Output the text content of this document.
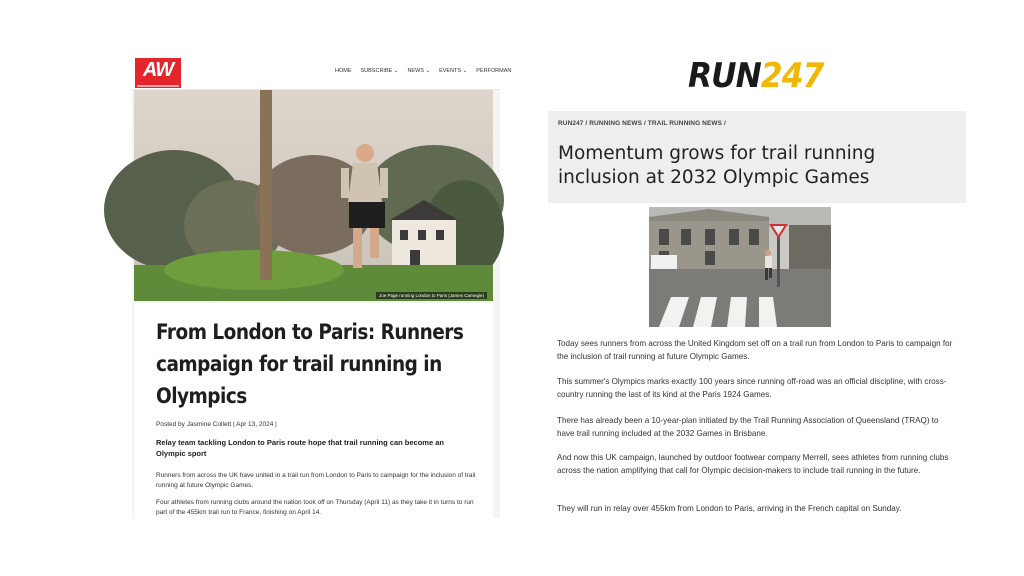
AW	HOME SUBSCRIBE ⌄ NEWS ⌄ EVENTS ⌄ PERFORMAN
Joe Page running London to Paris (James Carnegie)
From London to Paris: Runners campaign for trail running in Olympics
Posted by Jasmine Collett | Apr 13, 2024 |
Relay team tackling London to Paris route hope that trail running can become an Olympic sport
Runners from across the UK have united in a trail run from London to Paris to campaign for the inclusion of trail running at future Olympic Games.
Four athletes from running clubs around the nation took off on Thursday (April 11) as they take it in turns to run part of the 455km trail run to France, finishing on April 14.
RUN247
RUN247 / RUNNING NEWS / TRAIL RUNNING NEWS /
Momentum grows for trail running inclusion at 2032 Olympic Games
Today sees runners from across the United Kingdom set off on a trail run from London to Paris to campaign for the inclusion of trail running at future Olympic Games.
This summer's Olympics marks exactly 100 years since running off-road was an official discipline, with cross-country running the last of its kind at the Paris 1924 Games.
There has already been a 10-year-plan initiated by the Trail Running Association of Queensland (TRAQ) to have trail running included at the 2032 Games in Brisbane.
And now this UK campaign, launched by outdoor footwear company Merrell, sees athletes from running clubs across the nation amplifying that call for Olympic decision-makers to include trail running in the future.
They will run in relay over 455km from London to Paris, arriving in the French capital on Sunday.
